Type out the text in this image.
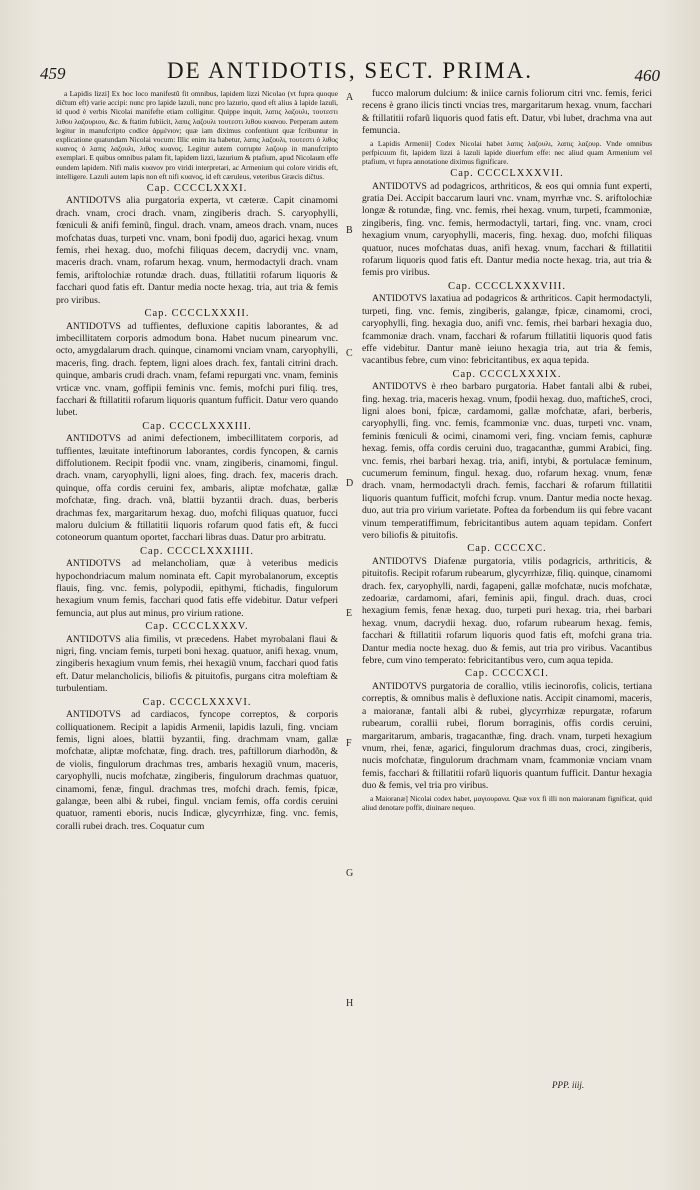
459	DE ANTIDOTIS, SECT. PRIMA.	460

a Lapidis lizzi] Ex hoc loco manifestũ fit omnibus, lapidem lizzi Nicolao (vt fupra quoque diĉtum eft) varie accipi: nunc pro lapide lazuli, nunc pro lazurio, quod eft alius à lapide lazuli, id quod è verbis Nicolai manifefte etiam colligitur. Quippe inquit, λαπις λαζουλι, τουτεστι λιθου λαζουριου, &c. & ftatim fubiicit, λαπις λαζουλι τουτεστι λιθου κυανου. Perperam autem legitur in manufcripto codice ἁρμένιον; quæ iam diximus confentiunt quæ fcribuntur in explicatione quatundam Nicolai vocum: Illic enim ita habetur, λαπις λαζουλι, τουτεστι ὁ λιθος κυανος ὁ λαπις λαζουλι, λιθος κυανος. Legitur autem corrupte λαζουρ in manufcripto exemplari. E quibus omnibus palam fit, lapidem lizzi, lazurium & ptafium, apud Nicolaum effe eundem lapidem. Nifi malis κυανον pro viridi interpretari, ac Armenium qui colore viridis eft, intelligere. Lazuli autem lapis non eft nifi κυανος, id eft cæruleus, veteribus Græcis diĉtus.

Cap. CCCCLXXXI.

ANTIDOTVS alia purgatoria experta, vt cæteræ. Capit cinamomi drach. vnam, croci drach. vnam, zingiberis drach. S. caryophylli, fœniculi & anifi feminũ, fingul. drach. vnam, ameos drach. vnam, nuces mofchatas duas, turpeti vnc. vnam, boni fpodij duo, agarici hexag. vnum femis, rhei hexag. duo, mofchi filiquas decem, dacrydij vnc. vnam, maceris drach. vnam, rofarum hexag. vnum, hermodactyli drach. vnam femis, ariftolochiæ rotundæ drach. duas, ftillatitii rofarum liquoris & facchari quod fatis eft. Dantur media nocte hexag. tria, aut tria & femis pro viribus.

Cap. CCCCLXXXII.

ANTIDOTVS ad tuffientes, defluxione capitis laborantes, & ad imbecillitatem corporis admodum bona. Habet nucum pinearum vnc. octo, amygdalarum drach. quinque, cinamomi vnciam vnam, caryophylli, maceris, fing. drach. feptem, ligni aloes drach. fex, fantali citrini drach. quinque, ambaris crudi drach. vnam, fefami repurgati vnc. vnam, feminis vrticæ vnc. vnam, goffipii feminis vnc. femis, mofchi puri filiq. tres, facchari & ftillatitii rofarum liquoris quantum fufficit. Datur vero quando lubet.

Cap. CCCCLXXXIII.

ANTIDOTVS ad animi defectionem, imbecillitatem corporis, ad tuffientes, læuitate inteftinorum laborantes, cordis fyncopen, & carnis diffolutionem. Recipit fpodii vnc. vnam, zingiberis, cinamomi, fingul. drach. vnam, caryophylli, ligni aloes, fing. drach. fex, maceris drach. quinque, offa cordis ceruini fex, ambaris, aliptæ mofchatæ, gallæ mofchatæ, fing. drach. vnã, blattii byzantii drach. duas, berberis drachmas fex, margaritarum hexag. duo, mofchi filiquas quatuor, fucci maloru dulcium & ftillatitii liquoris rofarum quod fatis eft, & fucci cotoneorum quantum oportet, facchari libras duas. Datur pro arbitratu.

Cap. CCCCLXXXIIII.

ANTIDOTVS ad melancholiam, quæ à veteribus medicis hypochondriacum malum nominata eft. Capit myrobalanorum, exceptis flauis, fing. vnc. femis, polypodii, epithymi, ftichadis, fingulorum hexagium vnum femis, facchari quod fatis effe videbitur. Datur vefperi femuncia, aut plus aut minus, pro virium ratione.

Cap. CCCCLXXXV.

ANTIDOTVS alia fimilis, vt præcedens. Habet myrobalani flaui & nigri, fing. vnciam femis, turpeti boni hexag. quatuor, anifi hexag. vnum, zingiberis hexagium vnum femis, rhei hexagiũ vnum, facchari quod fatis eft. Datur melancholicis, biliofis & pituitofis, purgans citra moleftiam & turbulentiam.

Cap. CCCCLXXXVI.

ANTIDOTVS ad cardiacos, fyncope correptos, & corporis colliquationem. Recipit a lapidis Armenii, lapidis lazuli, fing. vnciam femis, ligni aloes, blattii byzantii, fing. drachmam vnam, gallæ mofchatæ, aliptæ mofchatæ, fing. drach. tres, paftillorum diarhodõn, & de violis, fingulorum drachmas tres, ambaris hexagiũ vnum, maceris, caryophylli, nucis mofchatæ, zingiberis, fingulorum drachmas quatuor, cinamomi, fenæ, fingul. drachmas tres, mofchi drach. femis, fpicæ, galangæ, been albi & rubei, fingul. vnciam femis, offa cordis ceruini quatuor, ramenti eboris, nucis Indicæ, glycyrrhizæ, fing. vnc. femis, coralli rubei drach. tres. Coquatur cum

fucco malorum dulcium: & iniice carnis foliorum citri vnc. femis, ferici recens è grano ilicis tincti vncias tres, margaritarum hexag. vnum, facchari & ftillatitii rofarũ liquoris quod fatis eft. Datur, vbi lubet, drachma vna aut femuncia.

a Lapidis Armenii] Codex Nicolai habet λαπις λαζουλι, λαπις λαζουρ. Vnde omnibus perfpicuum fit, lapidem lizzi à lazuli lapide diuerfum effe: nec aliud quam Armenium vel ptafium, vt fupra annotatione diximus fignificare.

Cap. CCCCLXXXVII.

ANTIDOTVS ad podagricos, arthriticos, & eos qui omnia funt experti, gratia Dei. Accipit baccarum lauri vnc. vnam, myrrhæ vnc. S. ariftolochiæ longæ & rotundæ, fing. vnc. femis, rhei hexag. vnum, turpeti, fcammoniæ, zingiberis, fing. vnc. femis, hermodactyli, tartari, fing. vnc. vnam, croci hexagium vnum, caryophylli, maceris, fing. hexag. duo, mofchi filiquas quatuor, nuces mofchatas duas, anifi hexag. vnum, facchari & ftillatitii rofarum liquoris quod fatis eft. Dantur media nocte hexag. tria, aut tria & femis pro viribus.

Cap. CCCCLXXXVIII.

ANTIDOTVS laxatiua ad podagricos & arthriticos. Capit hermodactyli, turpeti, fing. vnc. femis, zingiberis, galangæ, fpicæ, cinamomi, croci, caryophylli, fing. hexagia duo, anifi vnc. femis, rhei barbari hexagia duo, fcammoniæ drach. vnam, facchari & rofarum ftillatitii liquoris quod fatis effe videbitur. Dantur manè ieiuno hexagia tria, aut tria & femis, vacantibus febre, cum vino: febricitantibus, ex aqua tepida.

Cap. CCCCLXXXIX.

ANTIDOTVS è rheo barbaro purgatoria. Habet fantali albi & rubei, fing. hexag. tria, maceris hexag. vnum, fpodii hexag. duo, mafticheS, croci, ligni aloes boni, fpicæ, cardamomi, gallæ mofchatæ, afari, berberis, caryophylli, fing. vnc. femis, fcammoniæ vnc. duas, turpeti vnc. vnam, feminis fœniculi & ocimi, cinamomi veri, fing. vnciam femis, caphuræ hexag. femis, offa cordis ceruini duo, tragacanthæ, gummi Arabici, fing. vnc. femis, rhei barbari hexag. tria, anifi, intybi, & portulacæ feminum, cucumerum feminum, fingul. hexag. duo, rofarum hexag. vnum, fenæ drach. vnam, hermodactyli drach. femis, facchari & rofarum ftillatitii liquoris quantum fufficit, mofchi fcrup. vnum. Dantur media nocte hexag. duo, aut tria pro virium varietate. Poftea da forbendum iis qui febre vacant vinum temperatiffimum, febricitantibus autem aquam tepidam. Confert vero biliofis & pituitofis.

Cap. CCCCXC.

ANTIDOTVS Diafenæ purgatoria, vtilis podagricis, arthriticis, & pituitofis. Recipit rofarum rubearum, glycyrrhizæ, filiq. quinque, cinamomi drach. fex, caryophylli, nardi, fagapeni, gallæ mofchatæ, nucis mofchatæ, zedoariæ, cardamomi, afari, feminis apii, fingul. drach. duas, croci hexagium femis, fenæ hexag. duo, turpeti puri hexag. tria, rhei barbari hexag. vnum, dacrydii hexag. duo, rofarum rubearum hexag. femis, facchari & ftillatitii rofarum liquoris quod fatis eft, mofchi grana tria. Dantur media nocte hexag. duo & femis, aut tria pro viribus. Vacantibus febre, cum vino temperato: febricitantibus vero, cum aqua tepida.

Cap. CCCCXCI.

ANTIDOTVS purgatoria de corallio, vtilis iecinorofis, colicis, tertiana correptis, & omnibus malis è defluxione natis. Accipit cinamomi, maceris, a maioranæ, fantali albi & rubei, glycyrrhizæ repurgatæ, rofarum rubearum, corallii rubei, florum borraginis, offis cordis ceruini, margaritarum, ambaris, tragacanthæ, fing. drach. vnam, turpeti hexagium vnum, rhei, fenæ, agarici, fingulorum drachmas duas, croci, zingiberis, nucis mofchatæ, fingulorum drachmam vnam, fcammoniæ vnciam vnam femis, facchari & ftillatitii rofarũ liquoris quantum fufficit. Dantur hexagia duo & femis, vel tria pro viribus.

a Maioranæ] Nicolai codex habet, μαγιουρανα. Quæ vox fi illi non maioranam fignificat, quid aliud denotare poffit, diuinare nequeo.

A
B
C
D
E
F
G
H
PPP. iiij.
